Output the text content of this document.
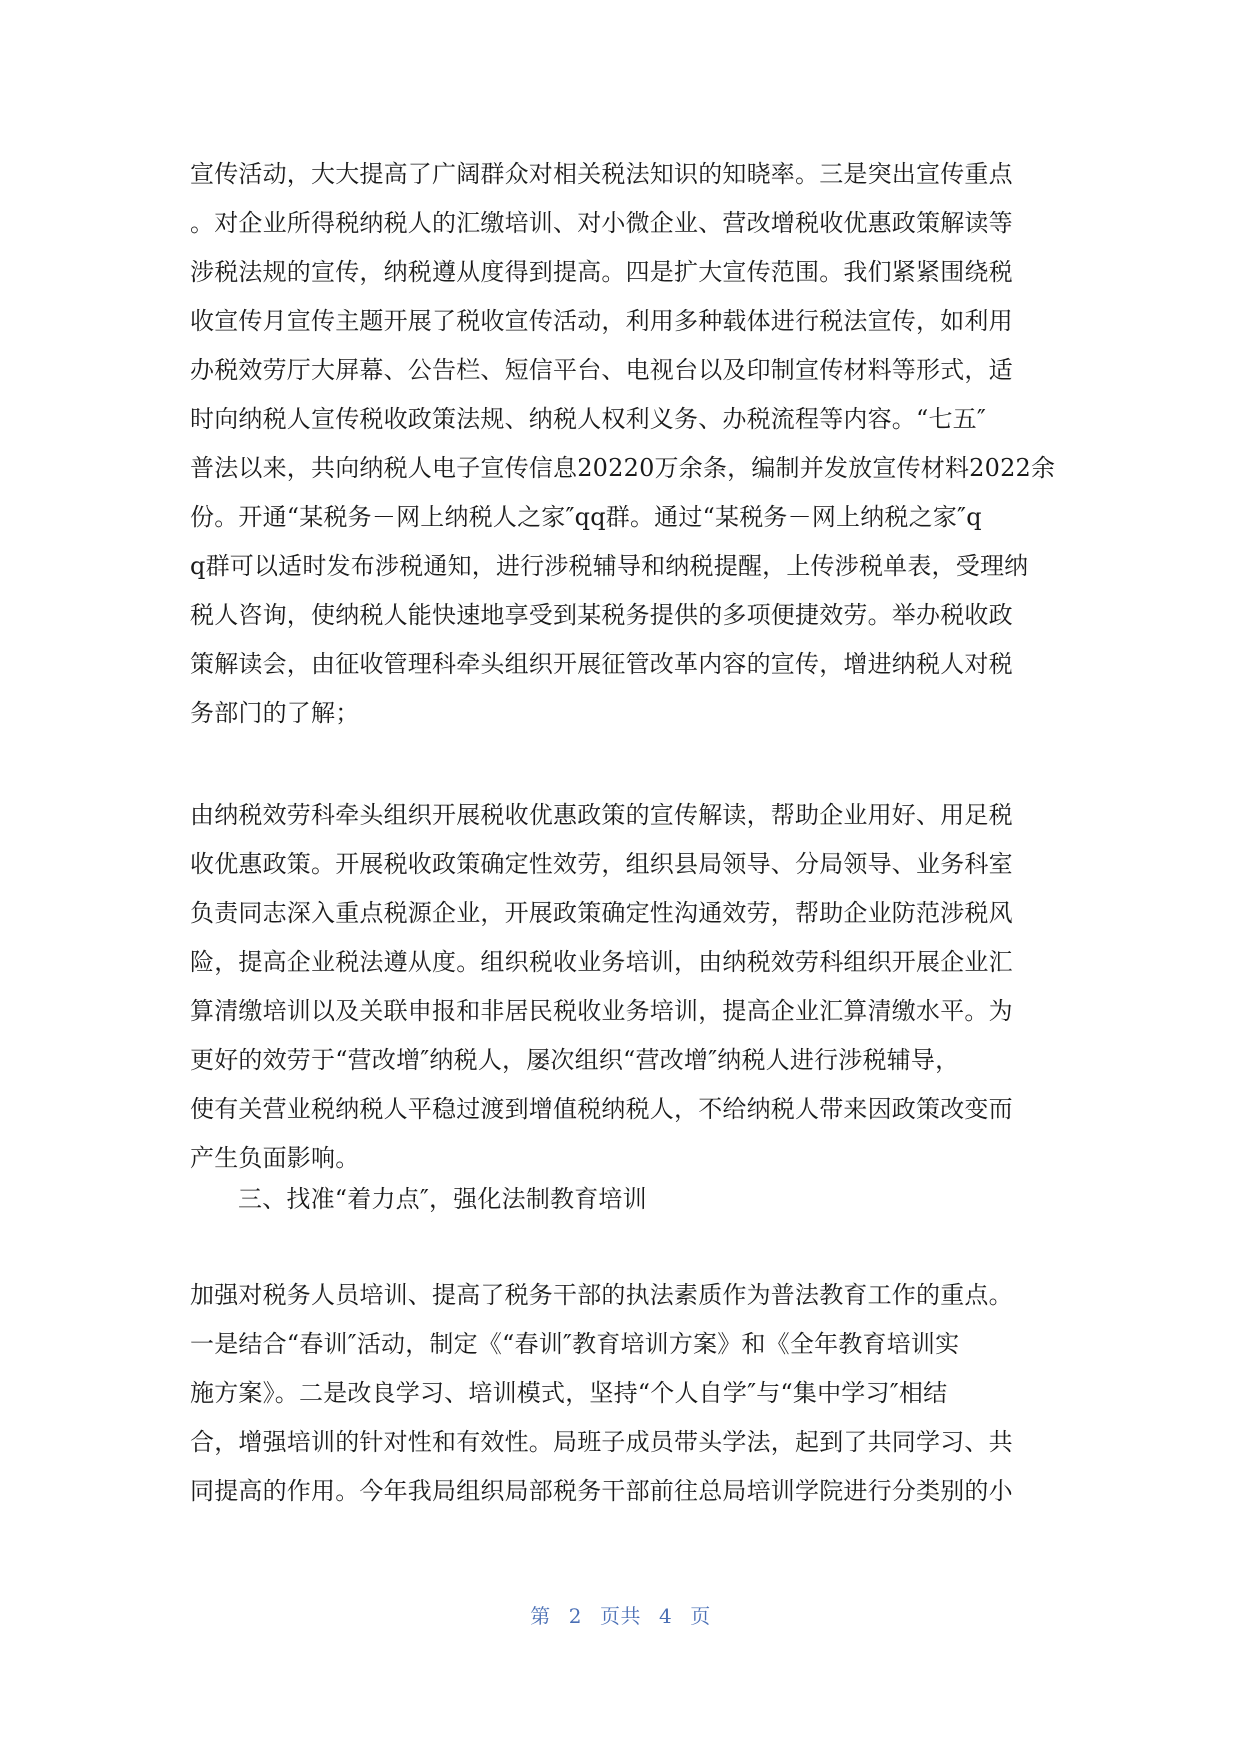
宣传活动，大大提高了广阔群众对相关税法知识的知晓率。三是突出宣传重点
。对企业所得税纳税人的汇缴培训、对小微企业、营改增税收优惠政策解读等
涉税法规的宣传，纳税遵从度得到提高。四是扩大宣传范围。我们紧紧围绕税
收宣传月宣传主题开展了税收宣传活动，利用多种载体进行税法宣传，如利用
办税效劳厅大屏幕、公告栏、短信平台、电视台以及印制宣传材料等形式，适
时向纳税人宣传税收政策法规、纳税人权利义务、办税流程等内容。“七五″
普法以来，共向纳税人电子宣传信息20220万余条，编制并发放宣传材料2022余
份。开通“某税务－网上纳税人之家″qq群。通过“某税务－网上纳税之家″q
q群可以适时发布涉税通知，进行涉税辅导和纳税提醒，上传涉税单表，受理纳
税人咨询，使纳税人能快速地享受到某税务提供的多项便捷效劳。举办税收政
策解读会，由征收管理科牵头组织开展征管改革内容的宣传，增进纳税人对税
务部门的了解；
由纳税效劳科牵头组织开展税收优惠政策的宣传解读，帮助企业用好、用足税
收优惠政策。开展税收政策确定性效劳，组织县局领导、分局领导、业务科室
负责同志深入重点税源企业，开展政策确定性沟通效劳，帮助企业防范涉税风
险，提高企业税法遵从度。组织税收业务培训，由纳税效劳科组织开展企业汇
算清缴培训以及关联申报和非居民税收业务培训，提高企业汇算清缴水平。为
更好的效劳于“营改增″纳税人，屡次组织“营改增″纳税人进行涉税辅导，
使有关营业税纳税人平稳过渡到增值税纳税人，不给纳税人带来因政策改变而
产生负面影响。
三、找准“着力点″，强化法制教育培训
加强对税务人员培训、提高了税务干部的执法素质作为普法教育工作的重点。
一是结合“春训″活动，制定《“春训″教育培训方案》和《全年教育培训实
施方案》。二是改良学习、培训模式，坚持“个人自学″与“集中学习″相结
合，增强培训的针对性和有效性。局班子成员带头学法，起到了共同学习、共
同提高的作用。今年我局组织局部税务干部前往总局培训学院进行分类别的小
第 2 页共 4 页
